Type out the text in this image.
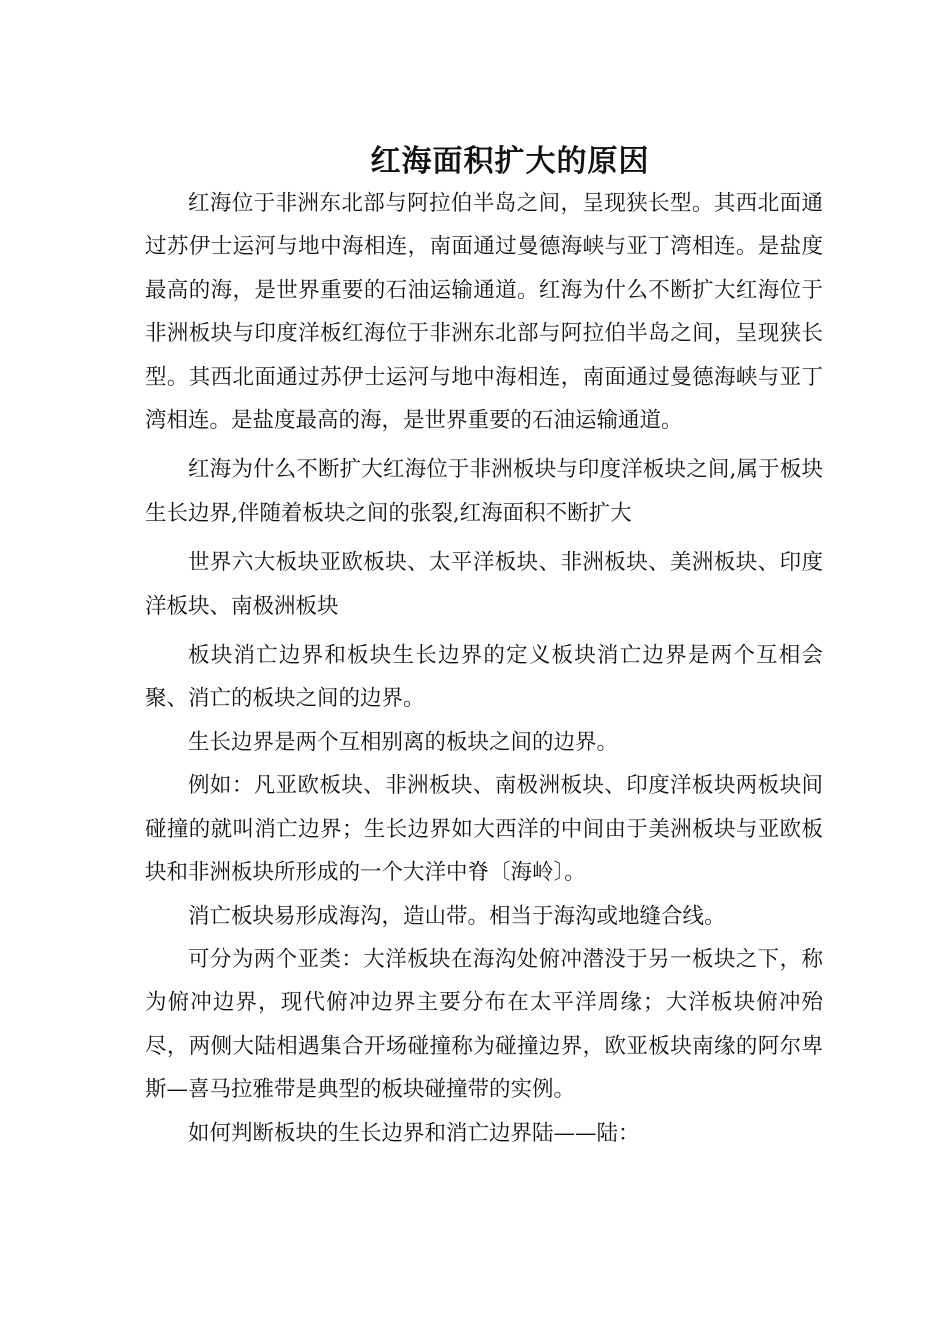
红海面积扩大的原因

红海位于非洲东北部与阿拉伯半岛之间，呈现狭长型。其西北面通过苏伊士运河与地中海相连，南面通过曼德海峡与亚丁湾相连。是盐度最高的海，是世界重要的石油运输通道。红海为什么不断扩大红海位于非洲板块与印度洋板红海位于非洲东北部与阿拉伯半岛之间，呈现狭长型。其西北面通过苏伊士运河与地中海相连，南面通过曼德海峡与亚丁湾相连。是盐度最高的海，是世界重要的石油运输通道。

红海为什么不断扩大红海位于非洲板块与印度洋板块之间,属于板块生长边界,伴随着板块之间的张裂,红海面积不断扩大

世界六大板块亚欧板块、太平洋板块、非洲板块、美洲板块、印度洋板块、南极洲板块

板块消亡边界和板块生长边界的定义板块消亡边界是两个互相会聚、消亡的板块之间的边界。

生长边界是两个互相别离的板块之间的边界。

例如：凡亚欧板块、非洲板块、南极洲板块、印度洋板块两板块间碰撞的就叫消亡边界；生长边界如大西洋的中间由于美洲板块与亚欧板块和非洲板块所形成的一个大洋中脊〔海岭〕。

消亡板块易形成海沟，造山带。相当于海沟或地缝合线。

可分为两个亚类：大洋板块在海沟处俯冲潜没于另一板块之下，称为俯冲边界，现代俯冲边界主要分布在太平洋周缘；大洋板块俯冲殆尽，两侧大陆相遇集合开场碰撞称为碰撞边界，欧亚板块南缘的阿尔卑斯—喜马拉雅带是典型的板块碰撞带的实例。

如何判断板块的生长边界和消亡边界陆——陆：
